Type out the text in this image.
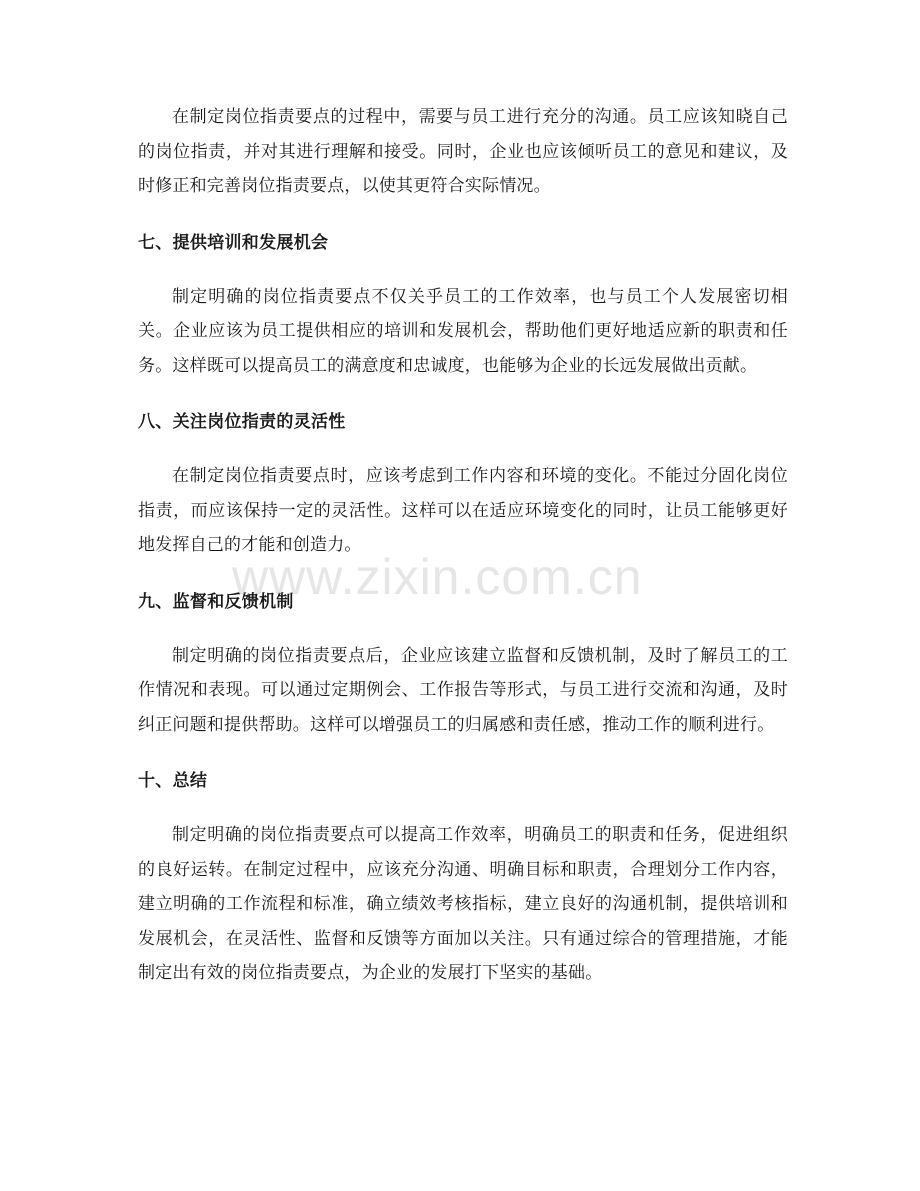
在制定岗位指责要点的过程中，需要与员工进行充分的沟通。员工应该知晓自己的岗位指责，并对其进行理解和接受。同时，企业也应该倾听员工的意见和建议，及时修正和完善岗位指责要点，以使其更符合实际情况。

七、提供培训和发展机会

制定明确的岗位指责要点不仅关乎员工的工作效率，也与员工个人发展密切相关。企业应该为员工提供相应的培训和发展机会，帮助他们更好地适应新的职责和任务。这样既可以提高员工的满意度和忠诚度，也能够为企业的长远发展做出贡献。

八、关注岗位指责的灵活性

在制定岗位指责要点时，应该考虑到工作内容和环境的变化。不能过分固化岗位指责，而应该保持一定的灵活性。这样可以在适应环境变化的同时，让员工能够更好地发挥自己的才能和创造力。

九、监督和反馈机制

制定明确的岗位指责要点后，企业应该建立监督和反馈机制，及时了解员工的工作情况和表现。可以通过定期例会、工作报告等形式，与员工进行交流和沟通，及时纠正问题和提供帮助。这样可以增强员工的归属感和责任感，推动工作的顺利进行。

十、总结

制定明确的岗位指责要点可以提高工作效率，明确员工的职责和任务，促进组织的良好运转。在制定过程中，应该充分沟通、明确目标和职责，合理划分工作内容，建立明确的工作流程和标准，确立绩效考核指标，建立良好的沟通机制，提供培训和发展机会，在灵活性、监督和反馈等方面加以关注。只有通过综合的管理措施，才能制定出有效的岗位指责要点，为企业的发展打下坚实的基础。

www.zixin.com.cn
